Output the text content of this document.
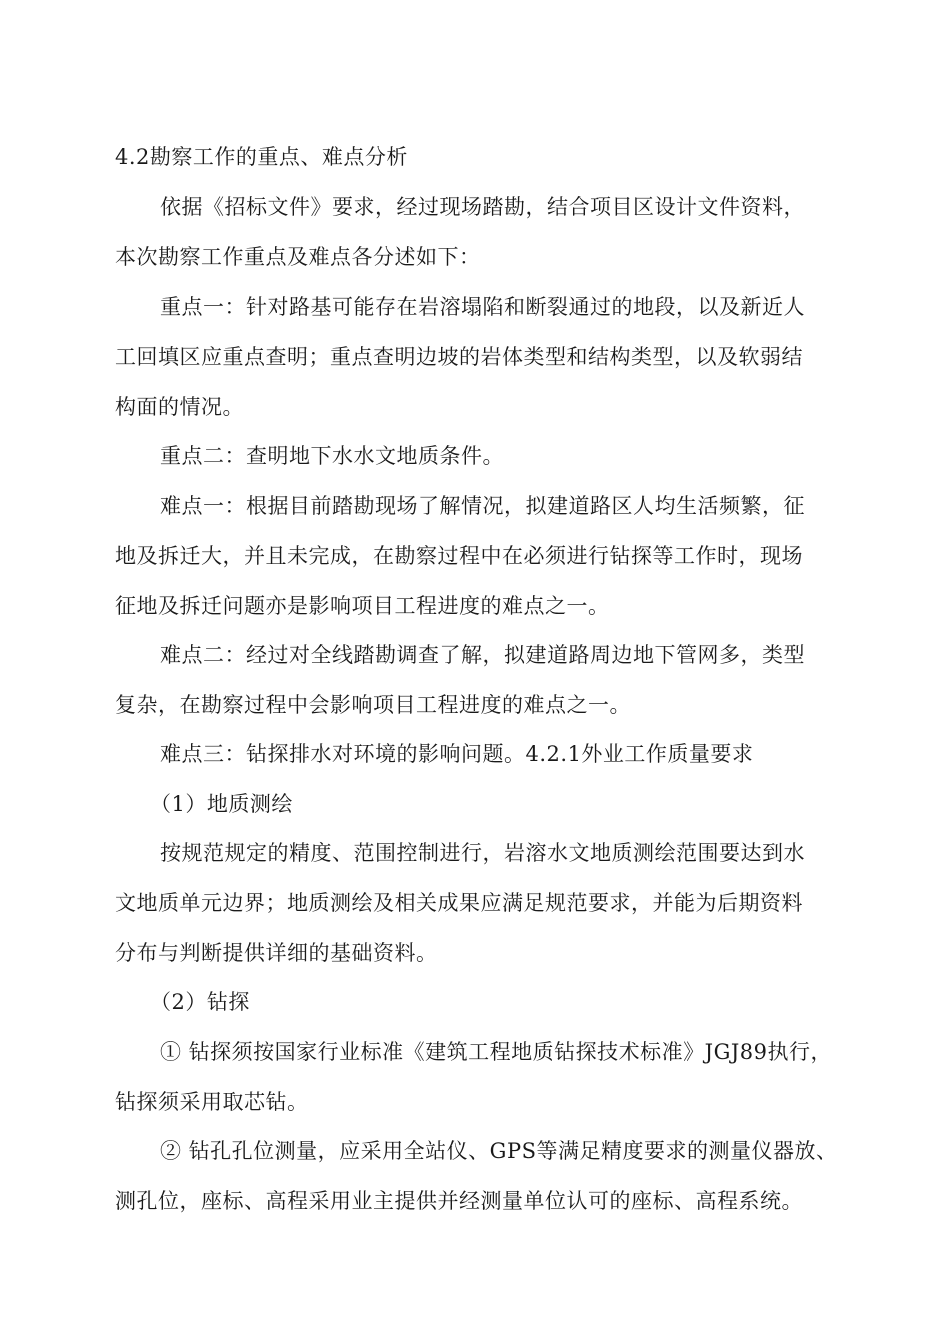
4.2勘察工作的重点、难点分析
依据《招标文件》要求，经过现场踏勘，结合项目区设计文件资料，
本次勘察工作重点及难点各分述如下：
重点一：针对路基可能存在岩溶塌陷和断裂通过的地段，以及新近人
工回填区应重点查明；重点查明边坡的岩体类型和结构类型，以及软弱结
构面的情况。
重点二：查明地下水水文地质条件。
难点一：根据目前踏勘现场了解情况，拟建道路区人均生活频繁，征
地及拆迁大，并且未完成，在勘察过程中在必须进行钻探等工作时，现场
征地及拆迁问题亦是影响项目工程进度的难点之一。
难点二：经过对全线踏勘调查了解，拟建道路周边地下管网多，类型
复杂，在勘察过程中会影响项目工程进度的难点之一。
难点三：钻探排水对环境的影响问题。4.2.1外业工作质量要求
（1）地质测绘
按规范规定的精度、范围控制进行，岩溶水文地质测绘范围要达到水
文地质单元边界；地质测绘及相关成果应满足规范要求，并能为后期资料
分布与判断提供详细的基础资料。
（2）钻探
① 钻探须按国家行业标准《建筑工程地质钻探技术标准》JGJ89执行，
钻探须采用取芯钻。
② 钻孔孔位测量，应采用全站仪、GPS等满足精度要求的测量仪器放、
测孔位，座标、高程采用业主提供并经测量单位认可的座标、高程系统。
